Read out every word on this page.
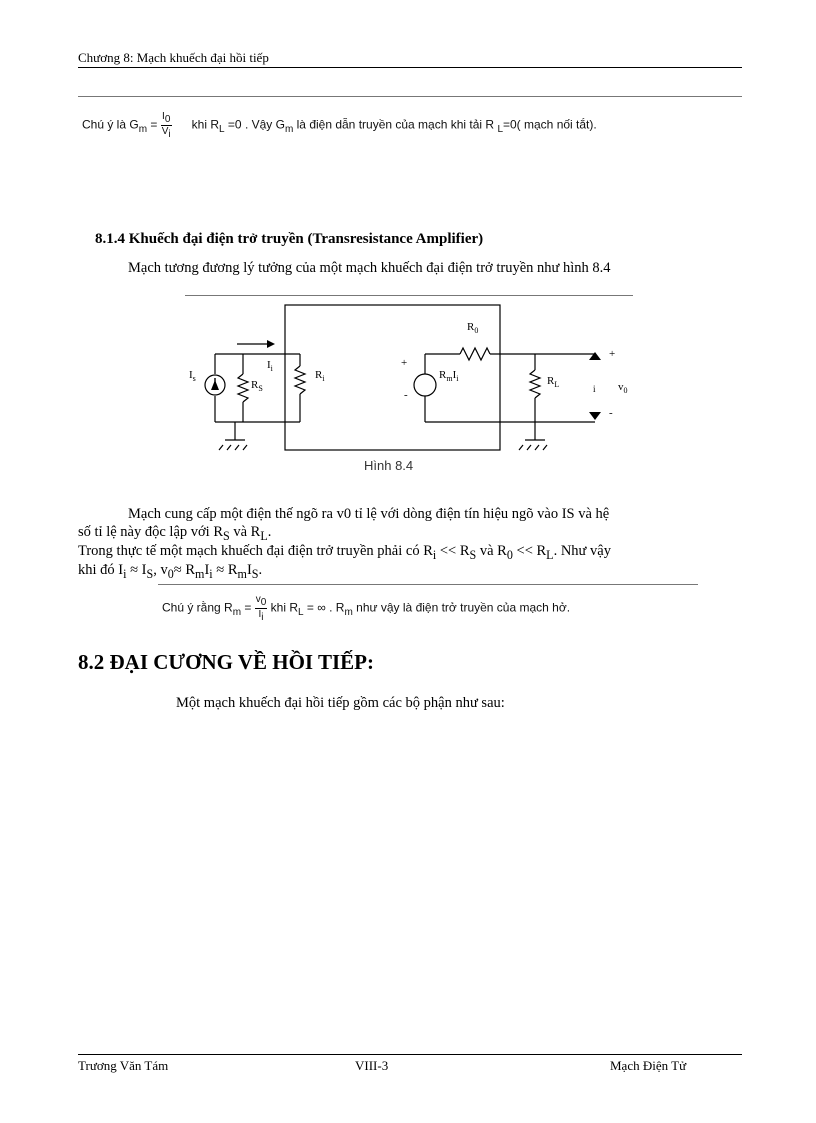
Chương 8: Mạch khuếch đại hồi tiếp
Chú ý là $G_m = \frac{I_0}{V_i}$ khi $R_L =0$ . Vậy $G_m$ là điện dẫn truyền của mạch khi tải R $_L$=0( mạch nối tắt).
8.1.4 Khuếch đại điện trở truyền (Transresistance Amplifier)
Mạch tương đương lý tưởng của một mạch khuếch đại điện trở truyền như hình 8.4
$I_s$
$I_i$
$R_S$
$R_i$
$R_0$
$R_mI_i$
+
-
$R_L$
+
i $v_0$
-
Hình 8.4
Mạch cung cấp một điện thế ngõ ra v0 tỉ lệ với dòng điện tín hiệu ngõ vào IS và hệ
số tỉ lệ này độc lập với $R_S$ và $R_L$.
Trong thực tế một mạch khuếch đại điện trở truyền phải có $R_i << R_S$ và $R_0 << R_L$. Như vậy
khi đó $I_i \approx I_S$, $v_0\approx R_mI_i \approx R_mI_S$.
Chú ý rằng $R_m = \frac{v_0}{I_i}$ khi $R_L$ = ∞ . $R_m$ như vậy là điện trở truyền của mạch hở.
8.2 ĐẠI CƯƠNG VỀ HỒI TIẾP:
Một mạch khuếch đại hồi tiếp gồm các bộ phận như sau:
Trương Văn Tám	VIII-3	Mạch Điện Tử
